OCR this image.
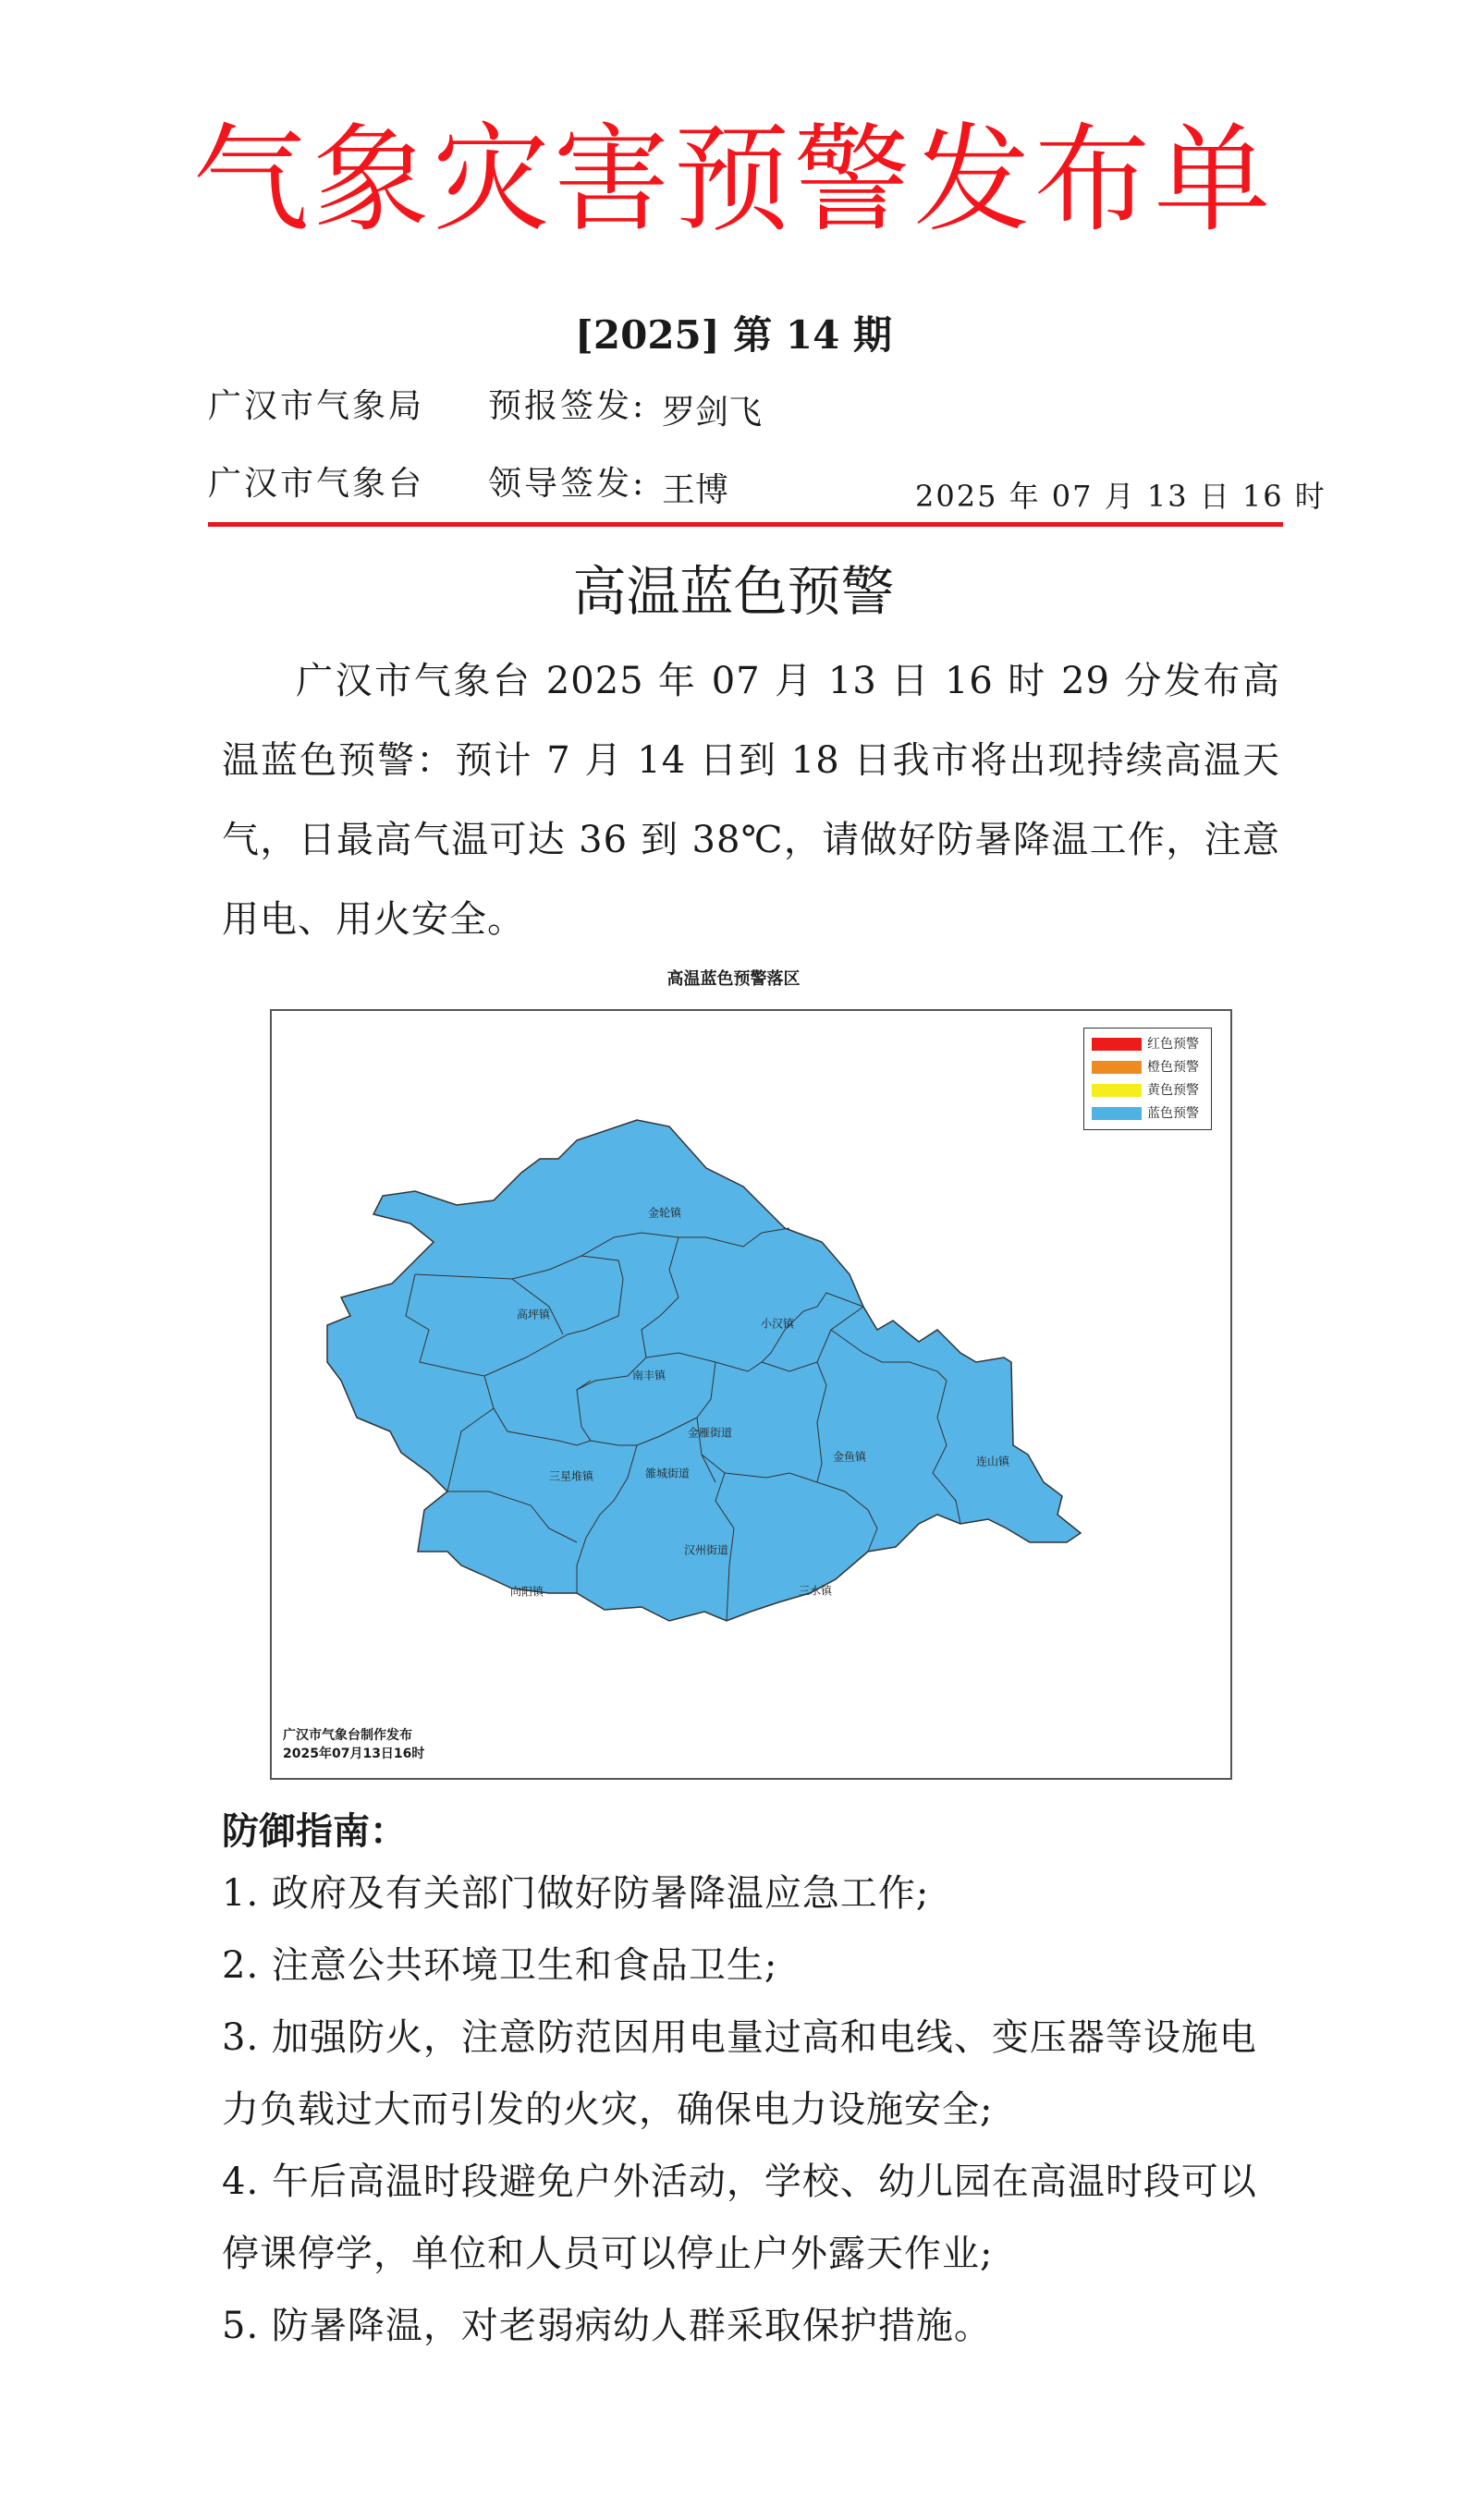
气象灾害预警发布单
[2025] 第 14 期
广汉市气象局 预报签发: 罗剑飞
广汉市气象台 领导签发: 王博	2025 年 07 月 13 日 16 时
高温蓝色预警
广汉市气象台 2025 年 07 月 13 日 16 时 29 分发布高温蓝色预警：预计 7 月 14 日到 18 日我市将出现持续高温天气，日最高气温可达 36 到 38℃，请做好防暑降温工作，注意用电、用火安全。
高温蓝色预警落区
红色预警
橙色预警
黄色预警
蓝色预警
金轮镇
高坪镇
小汉镇
南丰镇
金雁街道
三星堆镇	雒城街道
金鱼镇	连山镇
汉州街道
向阳镇	三水镇
广汉市气象台制作发布
2025年07月13日16时
防御指南：
1. 政府及有关部门做好防暑降温应急工作;
2. 注意公共环境卫生和食品卫生;
3. 加强防火，注意防范因用电量过高和电线、变压器等设施电力负载过大而引发的火灾，确保电力设施安全;
4. 午后高温时段避免户外活动，学校、幼儿园在高温时段可以停课停学，单位和人员可以停止户外露天作业;
5. 防暑降温，对老弱病幼人群采取保护措施。
